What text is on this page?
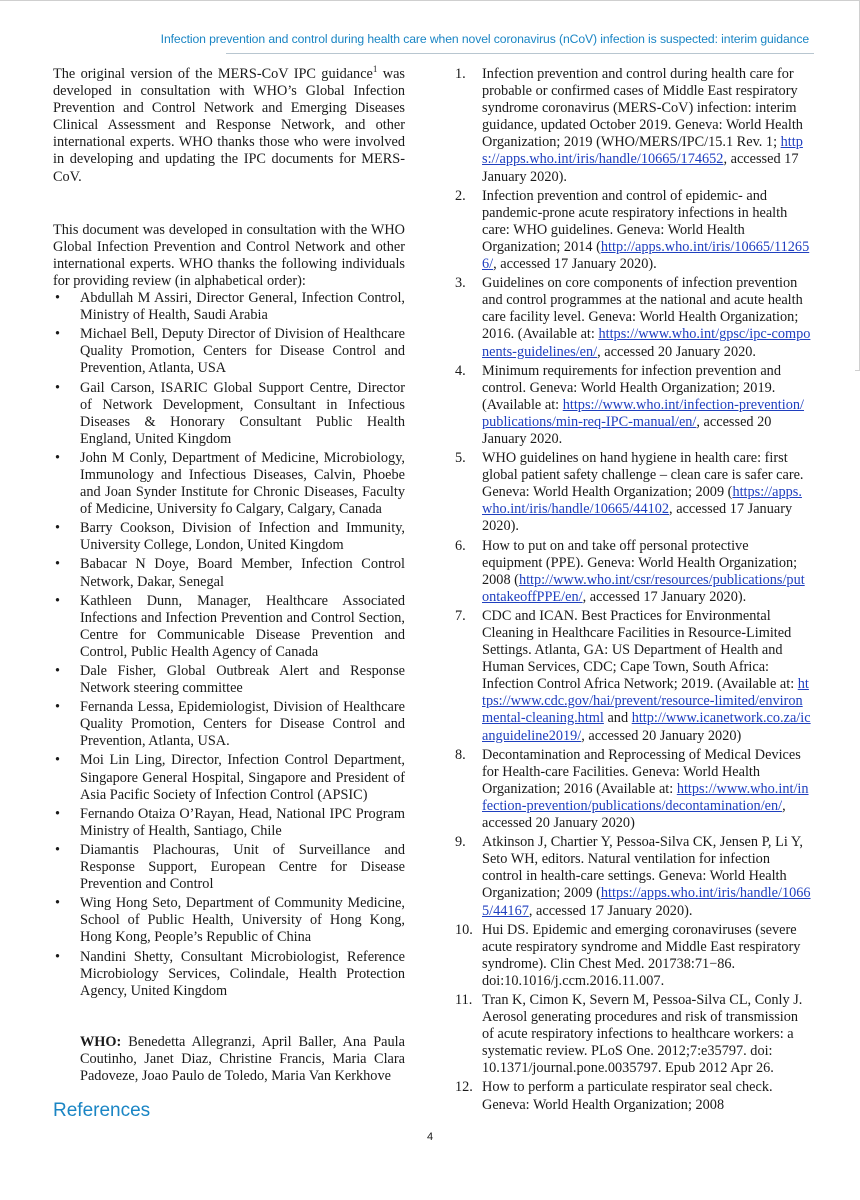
Infection prevention and control during health care when novel coronavirus (nCoV) infection is suspected: interim guidance

The original version of the MERS-CoV IPC guidance$^1$ was developed in consultation with WHO’s Global Infection Prevention and Control Network and Emerging Diseases Clinical Assessment and Response Network, and other international experts. WHO thanks those who were involved in developing and updating the IPC documents for MERS-CoV.

This document was developed in consultation with the WHO Global Infection Prevention and Control Network and other international experts. WHO thanks the following individuals for providing review (in alphabetical order):

• Abdullah M Assiri, Director General, Infection Control, Ministry of Health, Saudi Arabia
• Michael Bell, Deputy Director of Division of Healthcare Quality Promotion, Centers for Disease Control and Prevention, Atlanta, USA
• Gail Carson, ISARIC Global Support Centre, Director of Network Development, Consultant in Infectious Diseases & Honorary Consultant Public Health England, United Kingdom
• John M Conly, Department of Medicine, Microbiology, Immunology and Infectious Diseases, Calvin, Phoebe and Joan Synder Institute for Chronic Diseases, Faculty of Medicine, University fo Calgary, Calgary, Canada
• Barry Cookson, Division of Infection and Immunity, University College, London, United Kingdom
• Babacar N Doye, Board Member, Infection Control Network, Dakar, Senegal
• Kathleen Dunn, Manager, Healthcare Associated Infections and Infection Prevention and Control Section, Centre for Communicable Disease Prevention and Control, Public Health Agency of Canada
• Dale Fisher, Global Outbreak Alert and Response Network steering committee
• Fernanda Lessa, Epidemiologist, Division of Healthcare Quality Promotion, Centers for Disease Control and Prevention, Atlanta, USA.
• Moi Lin Ling, Director, Infection Control Department, Singapore General Hospital, Singapore and President of Asia Pacific Society of Infection Control (APSIC)
• Fernando Otaiza O’Rayan, Head, National IPC Program Ministry of Health, Santiago, Chile
• Diamantis Plachouras, Unit of Surveillance and Response Support, European Centre for Disease Prevention and Control
• Wing Hong Seto, Department of Community Medicine, School of Public Health, University of Hong Kong, Hong Kong, People’s Republic of China
• Nandini Shetty, Consultant Microbiologist, Reference Microbiology Services, Colindale, Health Protection Agency, United Kingdom
WHO: Benedetta Allegranzi, April Baller, Ana Paula Coutinho, Janet Diaz, Christine Francis, Maria Clara Padoveze, Joao Paulo de Toledo, Maria Van Kerkhove
References
1. Infection prevention and control during health care for probable or confirmed cases of Middle East respiratory syndrome coronavirus (MERS-CoV) infection: interim guidance, updated October 2019. Geneva: World Health Organization; 2019 (WHO/MERS/IPC/15.1 Rev. 1; https://apps.who.int/iris/handle/10665/174652, accessed 17 January 2020).
2. Infection prevention and control of epidemic- and pandemic-prone acute respiratory infections in health care: WHO guidelines. Geneva: World Health Organization; 2014 (http://apps.who.int/iris/10665/112656/, accessed 17 January 2020).
3. Guidelines on core components of infection prevention and control programmes at the national and acute health care facility level. Geneva: World Health Organization; 2016. (Available at: https://www.who.int/gpsc/ipc-components-guidelines/en/, accessed 20 January 2020.
4. Minimum requirements for infection prevention and control. Geneva: World Health Organization; 2019. (Available at: https://www.who.int/infection-prevention/publications/min-req-IPC-manual/en/, accessed 20 January 2020.
5. WHO guidelines on hand hygiene in health care: first global patient safety challenge – clean care is safer care. Geneva: World Health Organization; 2009 (https://apps.who.int/iris/handle/10665/44102, accessed 17 January 2020).
6. How to put on and take off personal protective equipment (PPE). Geneva: World Health Organization; 2008 (http://www.who.int/csr/resources/publications/putontakeoffPPE/en/, accessed 17 January 2020).
7. CDC and ICAN. Best Practices for Environmental Cleaning in Healthcare Facilities in Resource-Limited Settings. Atlanta, GA: US Department of Health and Human Services, CDC; Cape Town, South Africa: Infection Control Africa Network; 2019. (Available at: https://www.cdc.gov/hai/prevent/resource-limited/environmental-cleaning.html and http://www.icanetwork.co.za/icanguideline2019/, accessed 20 January 2020)
8. Decontamination and Reprocessing of Medical Devices for Health-care Facilities. Geneva: World Health Organization; 2016 (Available at: https://www.who.int/infection-prevention/publications/decontamination/en/, accessed 20 January 2020)
9. Atkinson J, Chartier Y, Pessoa-Silva CK, Jensen P, Li Y, Seto WH, editors. Natural ventilation for infection control in health-care settings. Geneva: World Health Organization; 2009 (https://apps.who.int/iris/handle/10665/44167, accessed 17 January 2020).
10. Hui DS. Epidemic and emerging coronaviruses (severe acute respiratory syndrome and Middle East respiratory syndrome). Clin Chest Med. 201738:71−86. doi:10.1016/j.ccm.2016.11.007.
11. Tran K, Cimon K, Severn M, Pessoa-Silva CL, Conly J. Aerosol generating procedures and risk of transmission of acute respiratory infections to healthcare workers: a systematic review. PLoS One. 2012;7:e35797. doi: 10.1371/journal.pone.0035797. Epub 2012 Apr 26.
12. How to perform a particulate respirator seal check. Geneva: World Health Organization; 2008
4
